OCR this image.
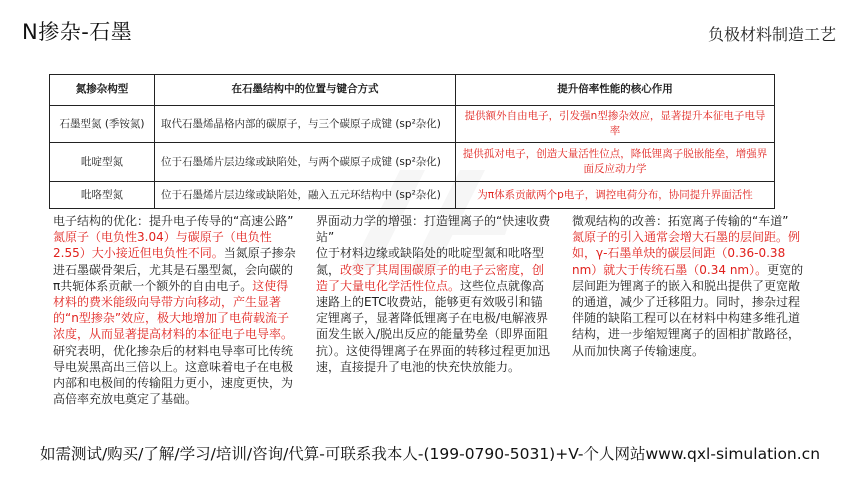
N掺杂-石墨	负极材料制造工艺
氮掺杂构型	在石墨结构中的位置与键合方式	提升倍率性能的核心作用
石墨型氮 (季铵氮)	取代石墨烯晶格内部的碳原子，与三个碳原子成键 (sp²杂化)	提供额外自由电子，引发强n型掺杂效应，显著提升本征电子电导率
吡啶型氮	位于石墨烯片层边缘或缺陷处，与两个碳原子成键 (sp²杂化)	提供孤对电子，创造大量活性位点，降低锂离子脱嵌能垒，增强界面反应动力学
吡咯型氮	位于石墨烯片层边缘或缺陷处，融入五元环结构中 (sp²杂化)	为π体系贡献两个p电子，调控电荷分布，协同提升界面活性
电子结构的优化：提升电子传导的“高速公路”
氮原子（电负性3.04）与碳原子（电负性2.55）大小接近但电负性不同。当氮原子掺杂进石墨碳骨架后，尤其是石墨型氮，会向碳的π共轭体系贡献一个额外的自由电子。这使得材料的费米能级向导带方向移动，产生显著的“n型掺杂”效应，极大地增加了电荷载流子浓度，从而显著提高材料的本征电子电导率。研究表明，优化掺杂后的材料电导率可比传统导电炭黑高出三倍以上。这意味着电子在电极内部和电极间的传输阻力更小，速度更快，为高倍率充放电奠定了基础。
界面动力学的增强：打造锂离子的“快速收费站”
位于材料边缘或缺陷处的吡啶型氮和吡咯型氮，改变了其周围碳原子的电子云密度，创造了大量电化学活性位点。这些位点就像高速路上的ETC收费站，能够更有效吸引和锚定锂离子，显著降低锂离子在电极/电解液界面发生嵌入/脱出反应的能量势垒（即界面阻抗）。这使得锂离子在界面的转移过程更加迅速，直接提升了电池的快充快放能力。
微观结构的改善：拓宽离子传输的“车道”
氮原子的引入通常会增大石墨的层间距。例如，γ-石墨单炔的碳层间距（0.36-0.38 nm）就大于传统石墨（0.34 nm）。更宽的层间距为锂离子的嵌入和脱出提供了更宽敞的通道，减少了迁移阻力。同时，掺杂过程伴随的缺陷工程可以在材料中构建多维孔道结构，进一步缩短锂离子的固相扩散路径，从而加快离子传输速度。
如需测试/购买/了解/学习/培训/咨询/代算-可联系我本人-(199-0790-5031)+V-个人网站www.qxl-simulation.cn
